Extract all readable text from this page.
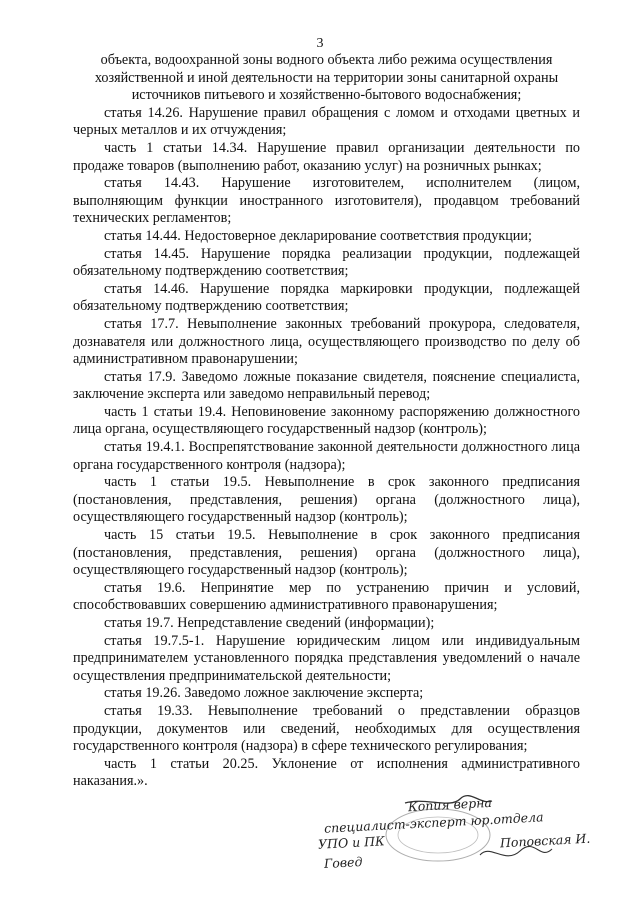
3

объекта, водоохранной зоны водного объекта либо режима осуществления хозяйственной и иной деятельности на территории зоны санитарной охраны источников питьевого и хозяйственно-бытового водоснабжения;

статья 14.26. Нарушение правил обращения с ломом и отходами цветных и черных металлов и их отчуждения;

часть 1 статьи 14.34. Нарушение правил организации деятельности по продаже товаров (выполнению работ, оказанию услуг) на розничных рынках;

статья 14.43. Нарушение изготовителем, исполнителем (лицом, выполняющим функции иностранного изготовителя), продавцом требований технических регламентов;

статья 14.44. Недостоверное декларирование соответствия продукции;

статья 14.45. Нарушение порядка реализации продукции, подлежащей обязательному подтверждению соответствия;

статья 14.46. Нарушение порядка маркировки продукции, подлежащей обязательному подтверждению соответствия;

статья 17.7. Невыполнение законных требований прокурора, следователя, дознавателя или должностного лица, осуществляющего производство по делу об административном правонарушении;

статья 17.9. Заведомо ложные показание свидетеля, пояснение специалиста, заключение эксперта или заведомо неправильный перевод;

часть 1 статьи 19.4. Неповиновение законному распоряжению должностного лица органа, осуществляющего государственный надзор (контроль);

статья 19.4.1. Воспрепятствование законной деятельности должностного лица органа государственного контроля (надзора);

часть 1 статьи 19.5. Невыполнение в срок законного предписания (постановления, представления, решения) органа (должностного лица), осуществляющего государственный надзор (контроль);

часть 15 статьи 19.5. Невыполнение в срок законного предписания (постановления, представления, решения) органа (должностного лица), осуществляющего государственный надзор (контроль);

статья 19.6. Непринятие мер по устранению причин и условий, способствовавших совершению административного правонарушения;

статья 19.7. Непредставление сведений (информации);

статья 19.7.5-1. Нарушение юридическим лицом или индивидуальным предпринимателем установленного порядка представления уведомлений о начале осуществления предпринимательской деятельности;

статья 19.26. Заведомо ложное заключение эксперта;

статья 19.33. Невыполнение требований о представлении образцов продукции, документов или сведений, необходимых для осуществления государственного контроля (надзора) в сфере технического регулирования;

часть 1 статьи 20.25. Уклонение от исполнения административного наказания.».

Копия верна
специалист-эксперт юр.отдела
УПО и ПК	Поповская И.
Говед
